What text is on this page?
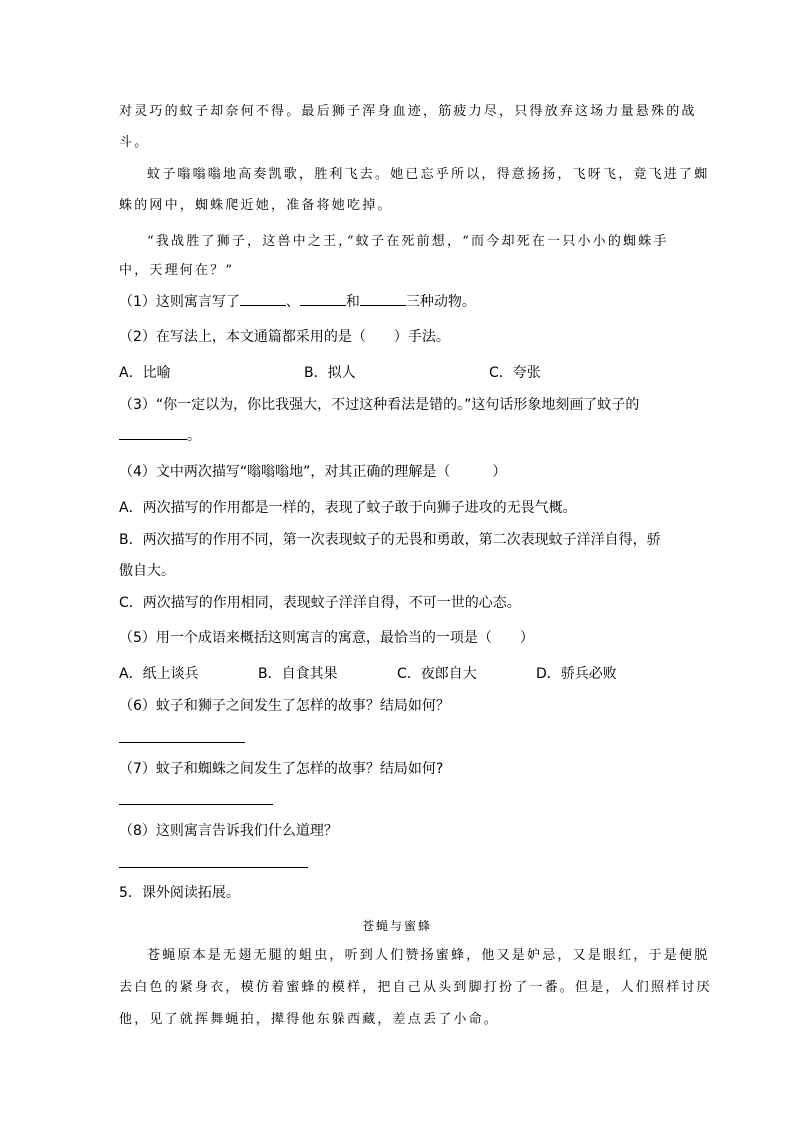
对灵巧的蚊子却奈何不得。最后狮子浑身血迹，筋疲力尽，只得放弃这场力量悬殊的战
斗。
蚊子嗡嗡嗡地高奏凯歌，胜利飞去。她已忘乎所以，得意扬扬，飞呀飞，竟飞进了蜘
蛛的网中，蜘蛛爬近她，准备将她吃掉。
“我战胜了狮子，这兽中之王，”蚊子在死前想，“而今却死在一只小小的蜘蛛手
中，天理何在？”
（1）这则寓言写了	、	和	三种动物。
（2）在写法上，本文通篇都采用的是（　　）手法。
A．比喻	B．拟人	C．夸张
（3）“你一定以为，你比我强大，不过这种看法是错的。”这句话形象地刻画了蚊子的
。
（4）文中两次描写“嗡嗡嗡地”，对其正确的理解是（　　　）
A．两次描写的作用都是一样的，表现了蚊子敢于向狮子进攻的无畏气概。
B．两次描写的作用不同，第一次表现蚊子的无畏和勇敢，第二次表现蚊子洋洋自得，骄
傲自大。
C．两次描写的作用相同，表现蚊子洋洋自得，不可一世的心态。
（5）用一个成语来概括这则寓言的寓意，最恰当的一项是（　　）
A．纸上谈兵	B．自食其果	C．夜郎自大	D．骄兵必败
（6）蚊子和狮子之间发生了怎样的故事？结局如何？
（7）蚊子和蜘蛛之间发生了怎样的故事？结局如何?
（8）这则寓言告诉我们什么道理？
5．课外阅读拓展。
苍蝇与蜜蜂
苍蝇原本是无翅无腿的蛆虫，听到人们赞扬蜜蜂，他又是妒忌，又是眼红，于是便脱
去白色的紧身衣，模仿着蜜蜂的模样，把自己从头到脚打扮了一番。但是，人们照样讨厌
他，见了就挥舞蝇拍，撵得他东躲西藏，差点丢了小命。
